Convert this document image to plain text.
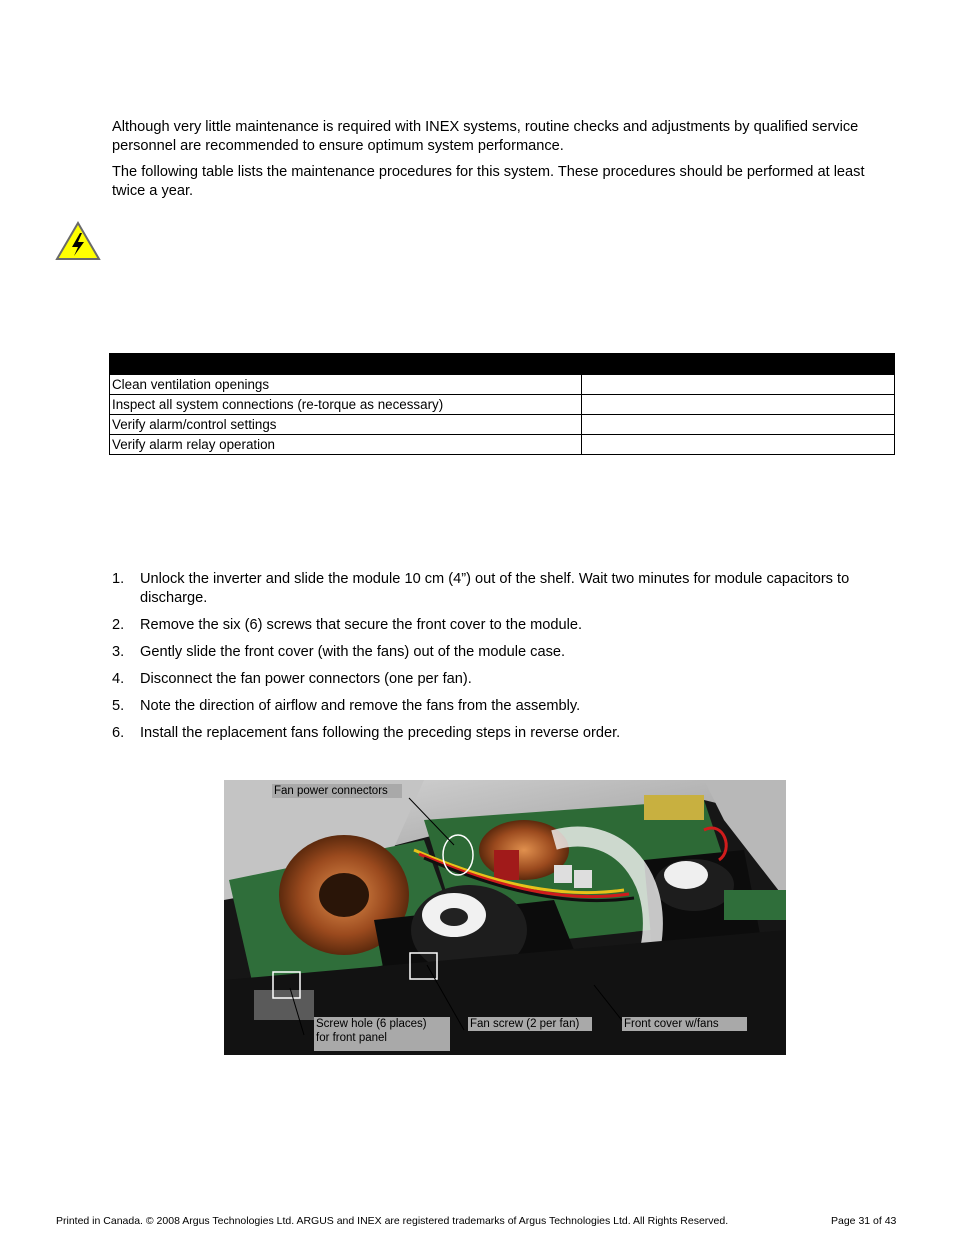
Although very little maintenance is required with INEX systems, routine checks and adjustments by qualified service personnel are recommended to ensure optimum system performance.

The following table lists the maintenance procedures for this system. These procedures should be performed at least twice a year.

Clean ventilation openings	
Inspect all system connections (re-torque as necessary)	
Verify alarm/control settings	
Verify alarm relay operation	
1. Unlock the inverter and slide the module 10 cm (4”) out of the shelf. Wait two minutes for module capacitors to discharge.
2. Remove the six (6) screws that secure the front cover to the module.
3. Gently slide the front cover (with the fans) out of the module case.
4. Disconnect the fan power connectors (one per fan).
5. Note the direction of airflow and remove the fans from the assembly.
6. Install the replacement fans following the preceding steps in reverse order.
Fan power connectors
Screw hole (6 places)
for front panel
Fan screw (2 per fan)	Front cover w/fans
Printed in Canada. © 2008 Argus Technologies Ltd. ARGUS and INEX are registered trademarks of Argus Technologies Ltd. All Rights Reserved.	Page 31 of 43
